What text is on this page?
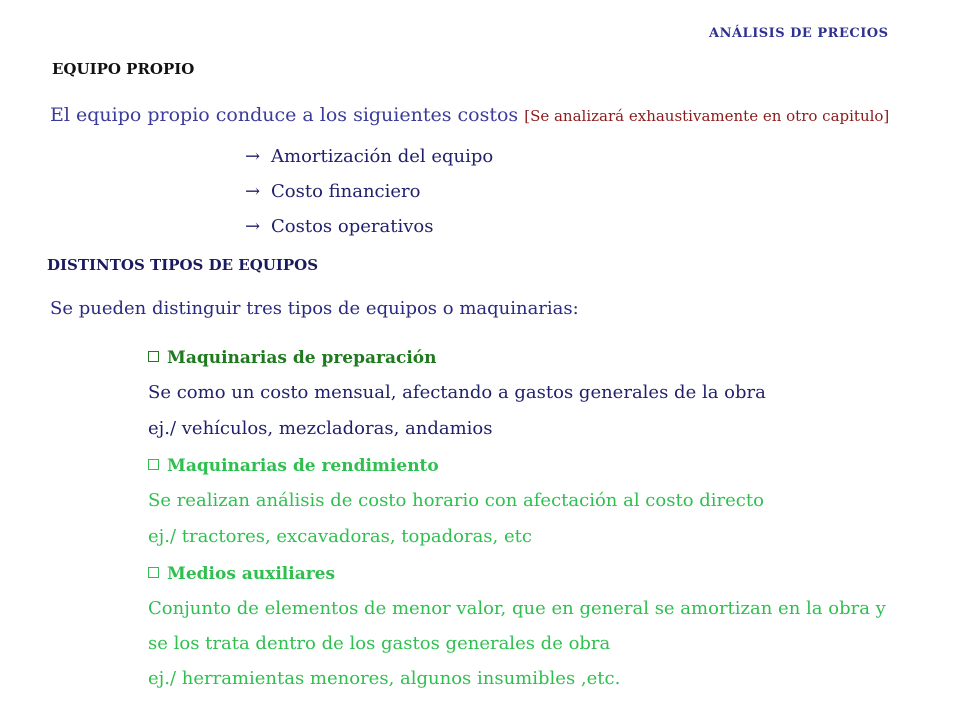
ANÁLISIS DE PRECIOS
EQUIPO PROPIO
El equipo propio conduce a los siguientes costos [Se analizará exhaustivamente en otro capitulo]
→ Amortización del equipo
→ Costo financiero
→ Costos operativos
DISTINTOS TIPOS DE EQUIPOS
Se pueden distinguir tres tipos de equipos o maquinarias:
Maquinarias de preparación
Se como un costo mensual, afectando a gastos generales de la obra
ej./ vehículos, mezcladoras, andamios
Maquinarias de rendimiento
Se realizan análisis de costo horario con afectación al costo directo
ej./ tractores, excavadoras, topadoras, etc
Medios auxiliares
Conjunto de elementos de menor valor, que en general se amortizan en la obra y
se los trata dentro de los gastos generales de obra
ej./ herramientas menores, algunos insumibles ,etc.
